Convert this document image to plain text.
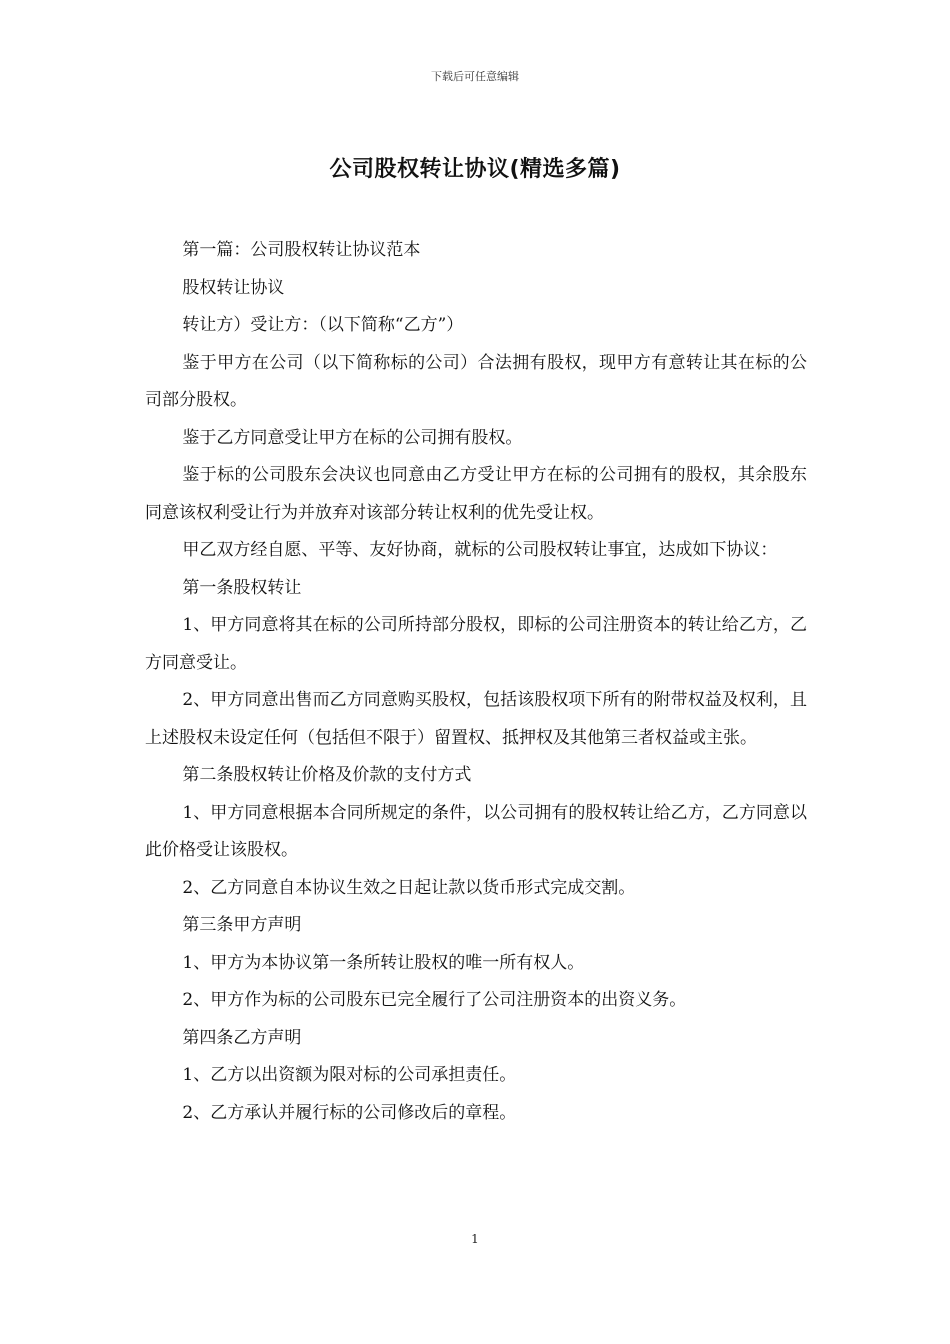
下载后可任意编辑
公司股权转让协议(精选多篇)

第一篇：公司股权转让协议范本

股权转让协议

转让方）受让方：（以下简称“乙方”）

鉴于甲方在公司（以下简称标的公司）合法拥有股权，现甲方有意转让其在标的公司部分股权。

鉴于乙方同意受让甲方在标的公司拥有股权。

鉴于标的公司股东会决议也同意由乙方受让甲方在标的公司拥有的股权，其余股东同意该权利受让行为并放弃对该部分转让权利的优先受让权。

甲乙双方经自愿、平等、友好协商，就标的公司股权转让事宜，达成如下协议：

第一条股权转让

1、甲方同意将其在标的公司所持部分股权，即标的公司注册资本的转让给乙方，乙方同意受让。

2、甲方同意出售而乙方同意购买股权，包括该股权项下所有的附带权益及权利，且上述股权未设定任何（包括但不限于）留置权、抵押权及其他第三者权益或主张。

第二条股权转让价格及价款的支付方式

1、甲方同意根据本合同所规定的条件，以公司拥有的股权转让给乙方，乙方同意以此价格受让该股权。

2、乙方同意自本协议生效之日起让款以货币形式完成交割。

第三条甲方声明

1、甲方为本协议第一条所转让股权的唯一所有权人。

2、甲方作为标的公司股东已完全履行了公司注册资本的出资义务。

第四条乙方声明

1、乙方以出资额为限对标的公司承担责任。

2、乙方承认并履行标的公司修改后的章程。

1
